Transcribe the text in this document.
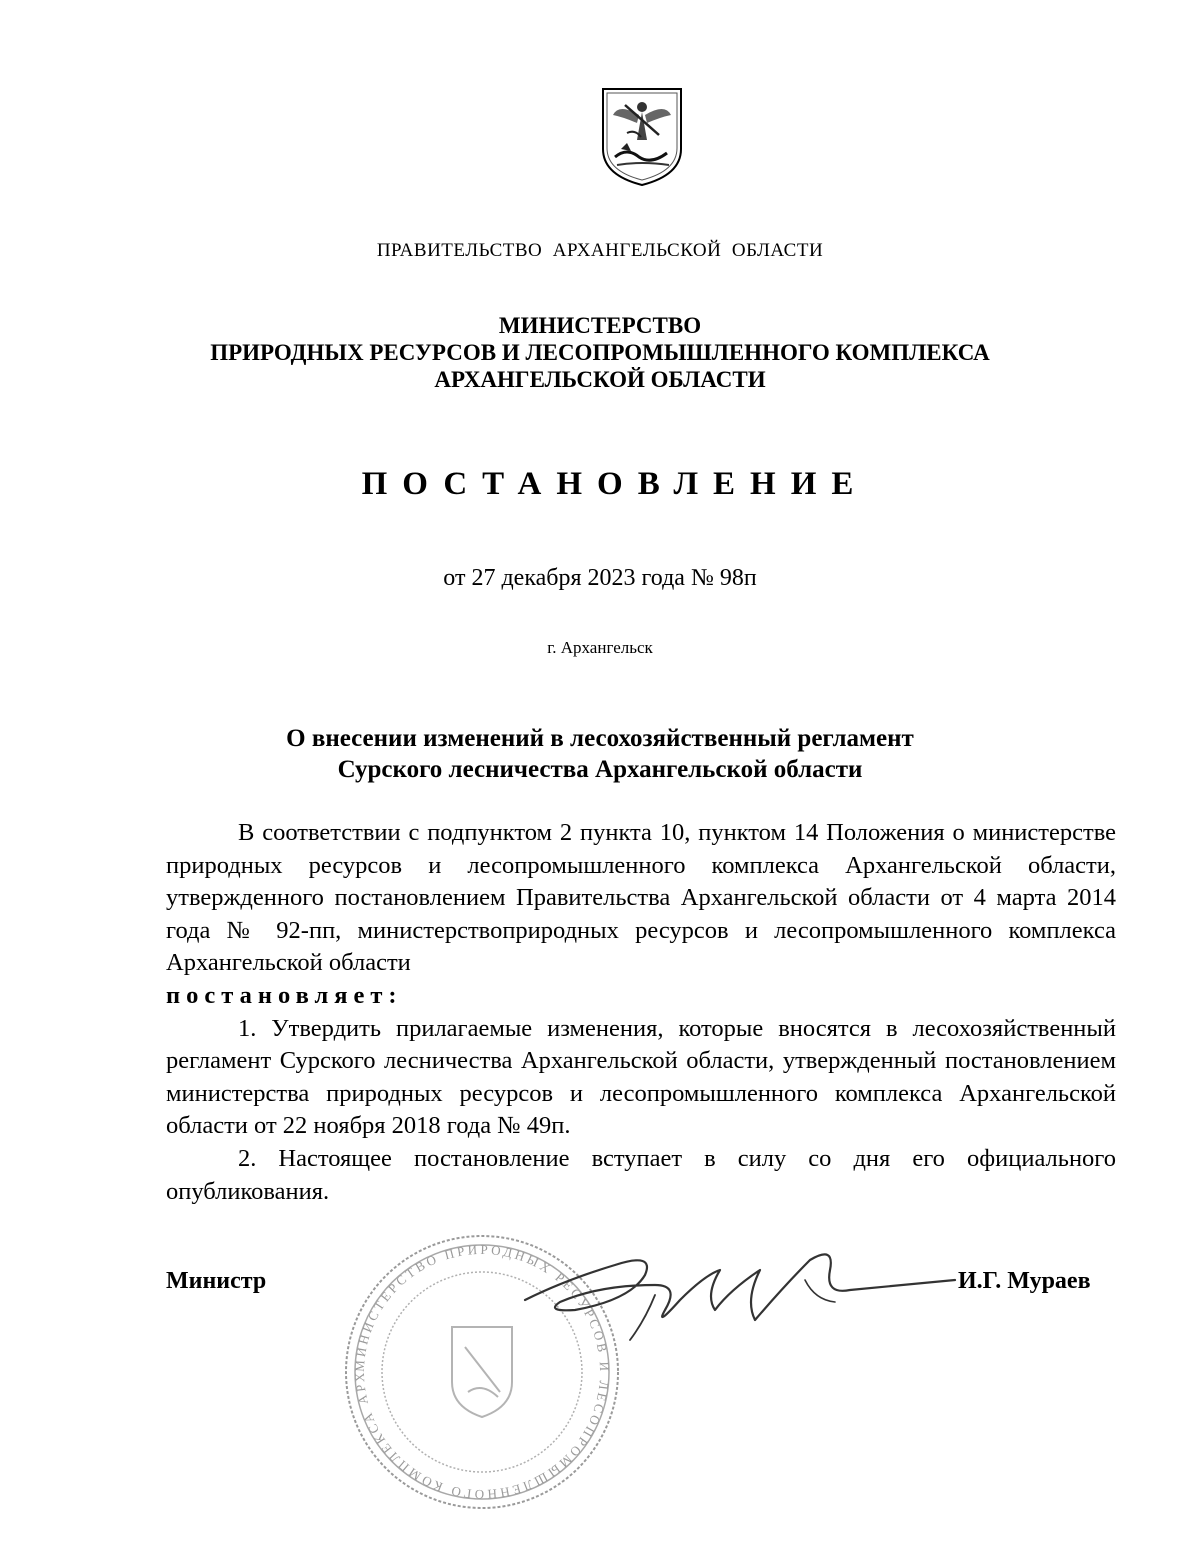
ПРАВИТЕЛЬСТВО  АРХАНГЕЛЬСКОЙ  ОБЛАСТИ
МИНИСТЕРСТВО
ПРИРОДНЫХ РЕСУРСОВ И ЛЕСОПРОМЫШЛЕННОГО КОМПЛЕКСА
АРХАНГЕЛЬСКОЙ ОБЛАСТИ
ПОСТАНОВЛЕНИЕ
от 27 декабря 2023 года № 98п
г. Архангельск
О внесении изменений в лесохозяйственный регламент
Сурского лесничества Архангельской области
В соответствии с подпунктом 2 пункта 10, пунктом 14 Положения о министерстве природных ресурсов и лесопромышленного комплекса Архангельской области, утвержденного постановлением Правительства Архангельской области от 4 марта 2014 года № 92-пп, министерствоприродных ресурсов и лесопромышленного комплекса Архангельской области
постановляет:
1. Утвердить прилагаемые изменения, которые вносятся в лесохозяйственный регламент Сурского лесничества Архангельской области, утвержденный постановлением министерства природных ресурсов и лесопромышленного комплекса Архангельской области от 22 ноября 2018 года № 49п.
2. Настоящее постановление вступает в силу со дня его официального опубликования.
МИНИСТЕРСТВО ПРИРОДНЫХ РЕСУРСОВ И ЛЕСОПРОМЫШЛЕННОГО КОМПЛЕКСА АРХ
Министр	И.Г. Мураев
